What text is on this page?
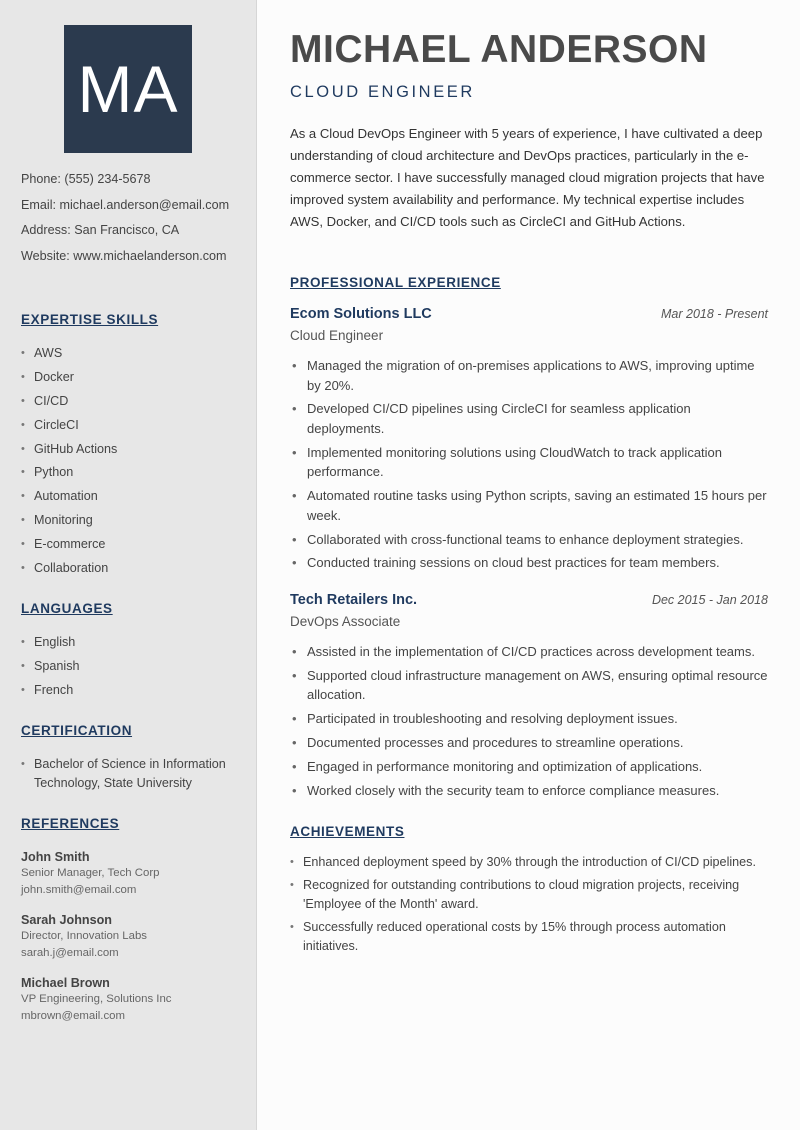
MA
Phone: (555) 234-5678
Email: michael.anderson@email.com
Address: San Francisco, CA
Website: www.michaelanderson.com
EXPERTISE SKILLS
• AWS
• Docker
• CI/CD
• CircleCI
• GitHub Actions
• Python
• Automation
• Monitoring
• E-commerce
• Collaboration
LANGUAGES
• English
• Spanish
• French
CERTIFICATION
• Bachelor of Science in Information Technology, State University
REFERENCES
John Smith
Senior Manager, Tech Corp
john.smith@email.com
Sarah Johnson
Director, Innovation Labs
sarah.j@email.com
Michael Brown
VP Engineering, Solutions Inc
mbrown@email.com
MICHAEL ANDERSON
CLOUD ENGINEER
As a Cloud DevOps Engineer with 5 years of experience, I have cultivated a deep understanding of cloud architecture and DevOps practices, particularly in the e-commerce sector. I have successfully managed cloud migration projects that have improved system availability and performance. My technical expertise includes AWS, Docker, and CI/CD tools such as CircleCI and GitHub Actions.
PROFESSIONAL EXPERIENCE
Ecom Solutions LLC	Mar 2018 - Present
Cloud Engineer
• Managed the migration of on-premises applications to AWS, improving uptime by 20%.
• Developed CI/CD pipelines using CircleCI for seamless application deployments.
• Implemented monitoring solutions using CloudWatch to track application performance.
• Automated routine tasks using Python scripts, saving an estimated 15 hours per week.
• Collaborated with cross-functional teams to enhance deployment strategies.
• Conducted training sessions on cloud best practices for team members.
Tech Retailers Inc.	Dec 2015 - Jan 2018
DevOps Associate
• Assisted in the implementation of CI/CD practices across development teams.
• Supported cloud infrastructure management on AWS, ensuring optimal resource allocation.
• Participated in troubleshooting and resolving deployment issues.
• Documented processes and procedures to streamline operations.
• Engaged in performance monitoring and optimization of applications.
• Worked closely with the security team to enforce compliance measures.
ACHIEVEMENTS
• Enhanced deployment speed by 30% through the introduction of CI/CD pipelines.
• Recognized for outstanding contributions to cloud migration projects, receiving 'Employee of the Month' award.
• Successfully reduced operational costs by 15% through process automation initiatives.
